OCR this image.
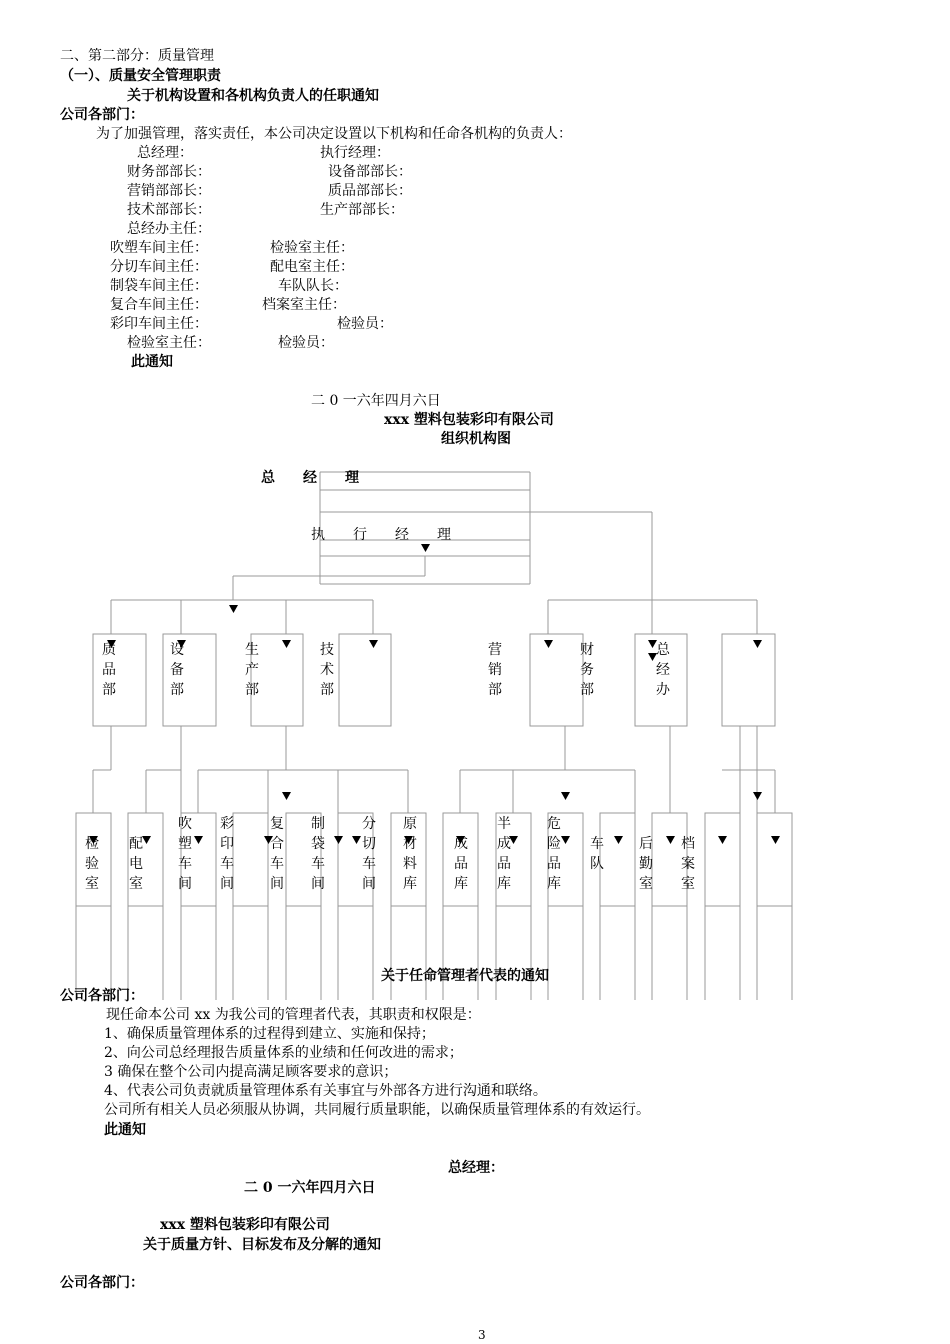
二、第二部分：质量管理
（一）、质量安全管理职责
关于机构设置和各机构负责人的任职通知
公司各部门：
为了加强管理，落实责任，本公司决定设置以下机构和任命各机构的负责人：
总经理：
财务部部长：
营销部部长：
技术部部长：
总经办主任：
吹塑车间主任：
分切车间主任：
制袋车间主任：
复合车间主任：
彩印车间主任：
检验室主任：
执行经理：
设备部部长：
质品部部长：
生产部部长：
检验室主任：
配电室主任：
车队队长：
档案室主任：
检验员：
检验员：
此通知
二 0 一六年四月六日
xxx 塑料包装彩印有限公司
组织机构图
总　　经　　理
执　　行　　经　　理
质品部
设备部
生产部
技术部
营销部
财务部
总经办
检验室
配电室
吹塑车间
彩印车间
复合车间
制袋车间
分切车间
原材料库
成品库
半成品库
危险品库
车队
后勤室
档案室
关于任命管理者代表的通知
公司各部门：
现任命本公司 xx 为我公司的管理者代表，其职责和权限是：
1、确保质量管理体系的过程得到建立、实施和保持；
2、向公司总经理报告质量体系的业绩和任何改进的需求；
3 确保在整个公司内提高满足顾客要求的意识；
4、代表公司负责就质量管理体系有关事宜与外部各方进行沟通和联络。
公司所有相关人员必须服从协调，共同履行质量职能，以确保质量管理体系的有效运行。
此通知
总经理：
二 0 一六年四月六日
xxx 塑料包装彩印有限公司
关于质量方针、目标发布及分解的通知
公司各部门：
3
